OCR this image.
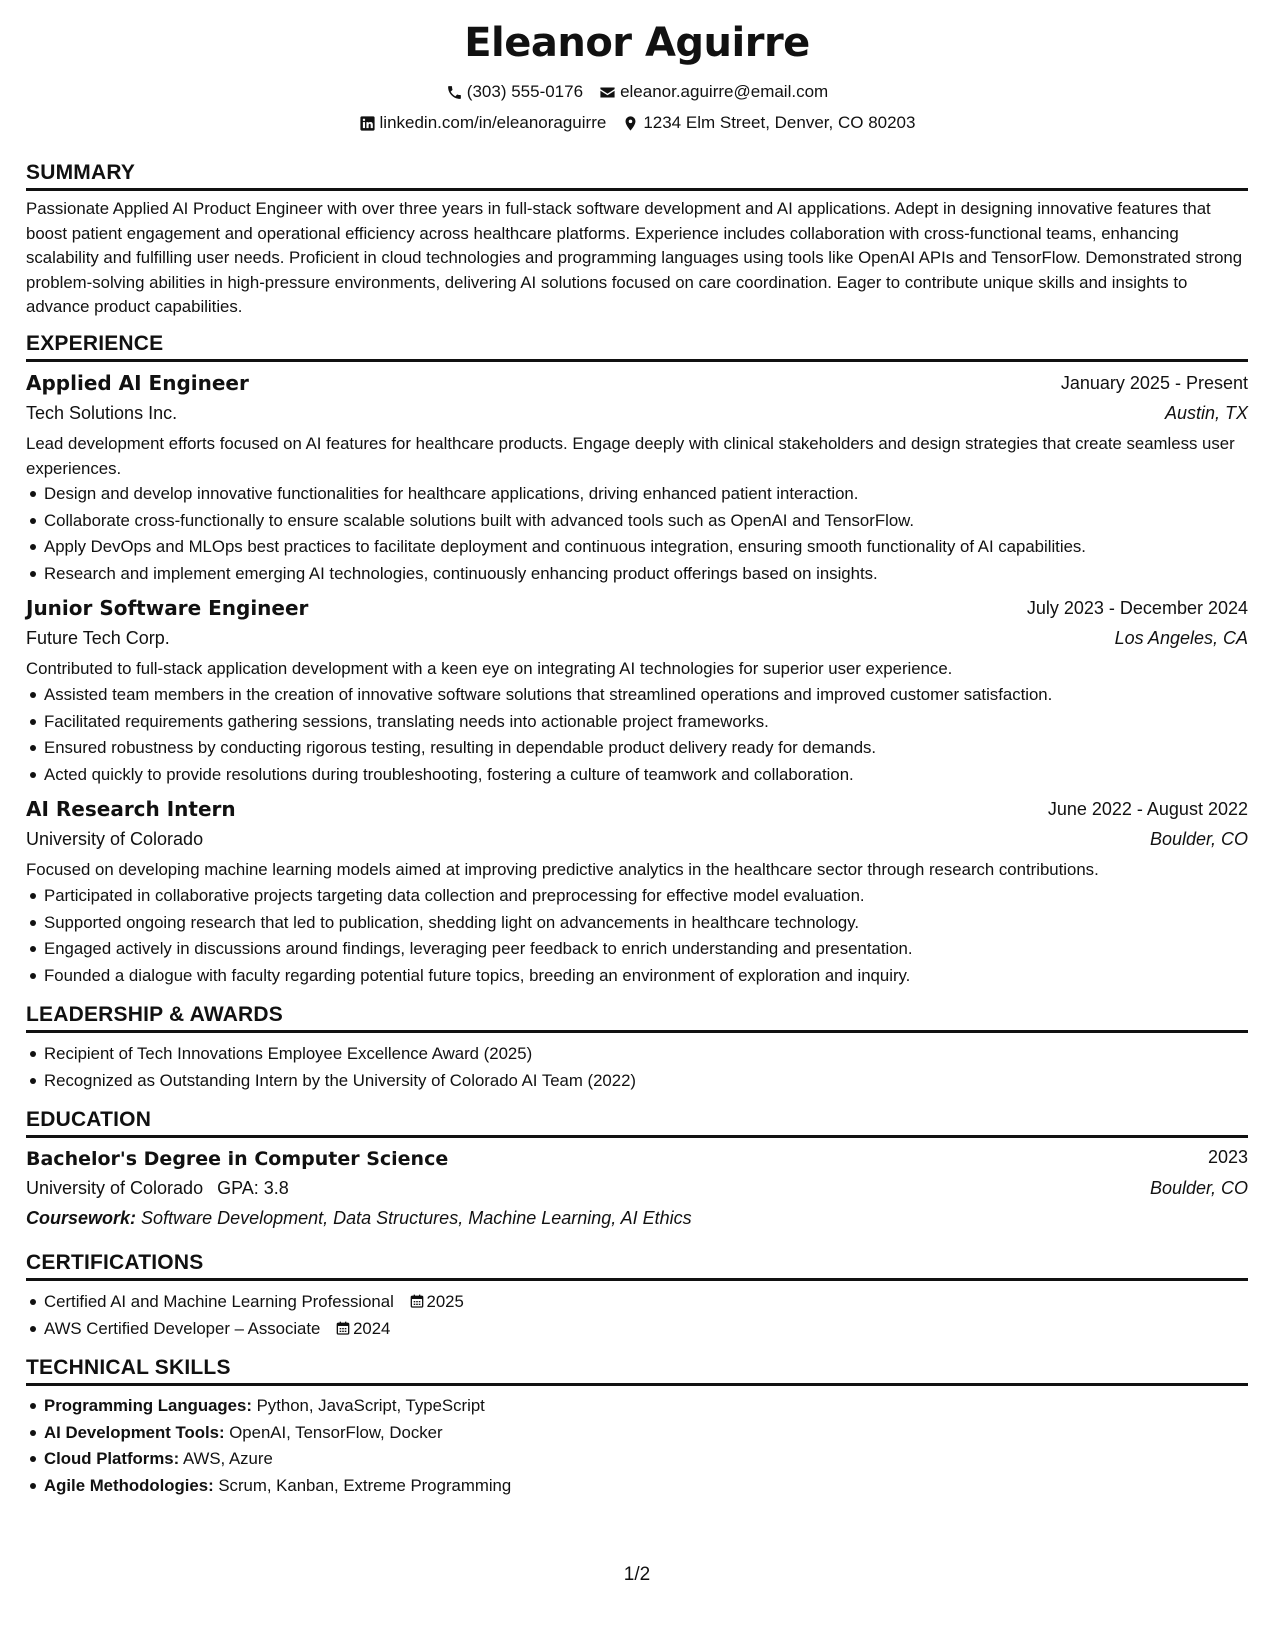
Eleanor Aguirre
(303) 555-0176 eleanor.aguirre@email.com
linkedin.com/in/eleanoraguirre 1234 Elm Street, Denver, CO 80203
SUMMARY
Passionate Applied AI Product Engineer with over three years in full-stack software development and AI applications. Adept in designing innovative features that boost patient engagement and operational efficiency across healthcare platforms. Experience includes collaboration with cross-functional teams, enhancing scalability and fulfilling user needs. Proficient in cloud technologies and programming languages using tools like OpenAI APIs and TensorFlow. Demonstrated strong problem-solving abilities in high-pressure environments, delivering AI solutions focused on care coordination. Eager to contribute unique skills and insights to advance product capabilities.
EXPERIENCE
Applied AI Engineer	January 2025 - Present
Tech Solutions Inc.	Austin, TX
Lead development efforts focused on AI features for healthcare products. Engage deeply with clinical stakeholders and design strategies that create seamless user experiences.
Design and develop innovative functionalities for healthcare applications, driving enhanced patient interaction.
Collaborate cross-functionally to ensure scalable solutions built with advanced tools such as OpenAI and TensorFlow.
Apply DevOps and MLOps best practices to facilitate deployment and continuous integration, ensuring smooth functionality of AI capabilities.
Research and implement emerging AI technologies, continuously enhancing product offerings based on insights.
Junior Software Engineer	July 2023 - December 2024
Future Tech Corp.	Los Angeles, CA
Contributed to full-stack application development with a keen eye on integrating AI technologies for superior user experience.
Assisted team members in the creation of innovative software solutions that streamlined operations and improved customer satisfaction.
Facilitated requirements gathering sessions, translating needs into actionable project frameworks.
Ensured robustness by conducting rigorous testing, resulting in dependable product delivery ready for demands.
Acted quickly to provide resolutions during troubleshooting, fostering a culture of teamwork and collaboration.
AI Research Intern	June 2022 - August 2022
University of Colorado	Boulder, CO
Focused on developing machine learning models aimed at improving predictive analytics in the healthcare sector through research contributions.
Participated in collaborative projects targeting data collection and preprocessing for effective model evaluation.
Supported ongoing research that led to publication, shedding light on advancements in healthcare technology.
Engaged actively in discussions around findings, leveraging peer feedback to enrich understanding and presentation.
Founded a dialogue with faculty regarding potential future topics, breeding an environment of exploration and inquiry.
LEADERSHIP & AWARDS
Recipient of Tech Innovations Employee Excellence Award (2025)
Recognized as Outstanding Intern by the University of Colorado AI Team (2022)
EDUCATION
Bachelor's Degree in Computer Science	2023
University of Colorado GPA: 3.8	Boulder, CO
Coursework: Software Development, Data Structures, Machine Learning, AI Ethics
CERTIFICATIONS
Certified AI and Machine Learning Professional 2025
AWS Certified Developer – Associate 2024
TECHNICAL SKILLS
Programming Languages: Python, JavaScript, TypeScript
AI Development Tools: OpenAI, TensorFlow, Docker
Cloud Platforms: AWS, Azure
Agile Methodologies: Scrum, Kanban, Extreme Programming
1/2
